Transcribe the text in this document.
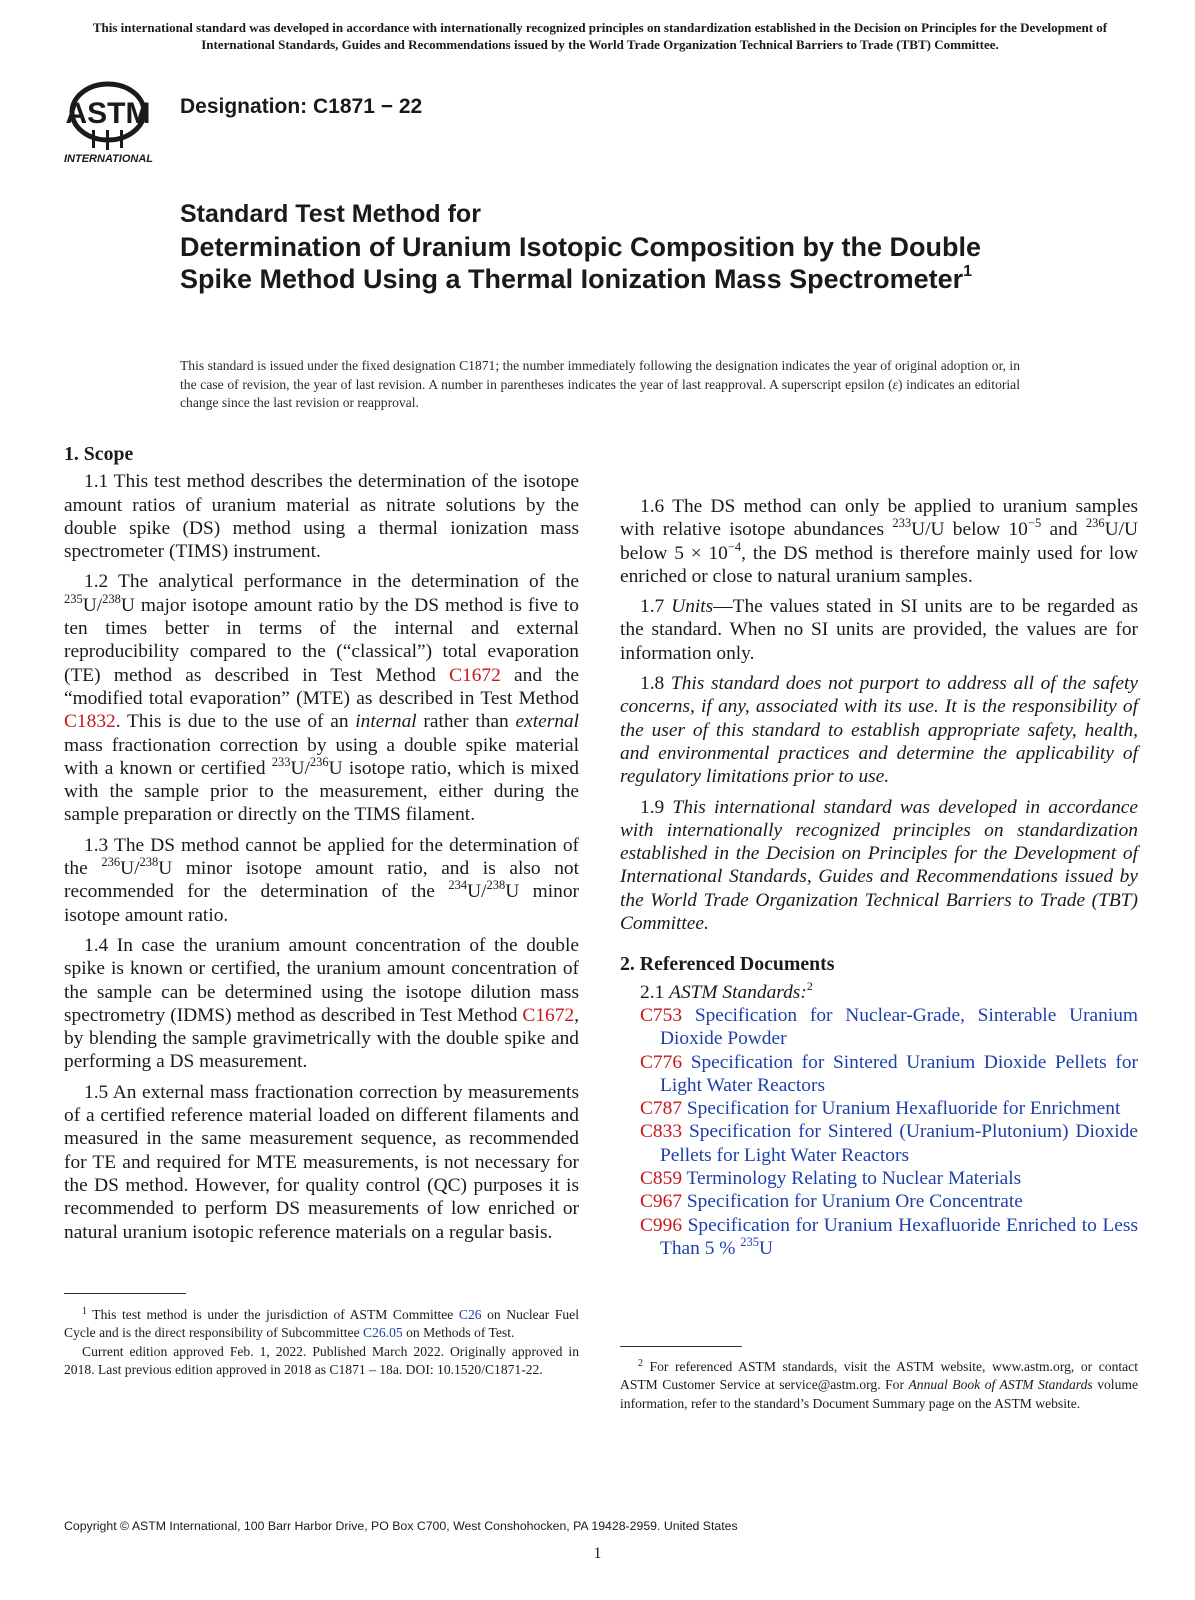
This international standard was developed in accordance with internationally recognized principles on standardization established in the Decision on Principles for the Development of International Standards, Guides and Recommendations issued by the World Trade Organization Technical Barriers to Trade (TBT) Committee.
ASTM
INTERNATIONAL
Designation: C1871 − 22
Standard Test Method for
Determination of Uranium Isotopic Composition by the Double Spike Method Using a Thermal Ionization Mass Spectrometer$^1$
This standard is issued under the fixed designation C1871; the number immediately following the designation indicates the year of original adoption or, in the case of revision, the year of last revision. A number in parentheses indicates the year of last reapproval. A superscript epsilon (ε) indicates an editorial change since the last revision or reapproval.
1. Scope

1.1 This test method describes the determination of the isotope amount ratios of uranium material as nitrate solutions by the double spike (DS) method using a thermal ionization mass spectrometer (TIMS) instrument.

1.2 The analytical performance in the determination of the $^{235}$U/$^{238}$U major isotope amount ratio by the DS method is five to ten times better in terms of the internal and external reproducibility compared to the (“classical”) total evaporation (TE) method as described in Test Method C1672 and the “modified total evaporation” (MTE) as described in Test Method C1832. This is due to the use of an internal rather than external mass fractionation correction by using a double spike material with a known or certified $^{233}$U/$^{236}$U isotope ratio, which is mixed with the sample prior to the measurement, either during the sample preparation or directly on the TIMS filament.

1.3 The DS method cannot be applied for the determination of the $^{236}$U/$^{238}$U minor isotope amount ratio, and is also not recommended for the determination of the $^{234}$U/$^{238}$U minor isotope amount ratio.

1.4 In case the uranium amount concentration of the double spike is known or certified, the uranium amount concentration of the sample can be determined using the isotope dilution mass spectrometry (IDMS) method as described in Test Method C1672, by blending the sample gravimetrically with the double spike and performing a DS measurement.

1.5 An external mass fractionation correction by measurements of a certified reference material loaded on different filaments and measured in the same measurement sequence, as recommended for TE and required for MTE measurements, is not necessary for the DS method. However, for quality control (QC) purposes it is recommended to perform DS measurements of low enriched or natural uranium isotopic reference materials on a regular basis.

1.6 The DS method can only be applied to uranium samples with relative isotope abundances $^{233}$U/U below $10^{-5}$ and $^{236}$U/U below $5 \times 10^{-4}$, the DS method is therefore mainly used for low enriched or close to natural uranium samples.

1.7 Units—The values stated in SI units are to be regarded as the standard. When no SI units are provided, the values are for information only.

1.8 This standard does not purport to address all of the safety concerns, if any, associated with its use. It is the responsibility of the user of this standard to establish appropriate safety, health, and environmental practices and determine the applicability of regulatory limitations prior to use.

1.9 This international standard was developed in accordance with internationally recognized principles on standardization established in the Decision on Principles for the Development of International Standards, Guides and Recommendations issued by the World Trade Organization Technical Barriers to Trade (TBT) Committee.

2. Referenced Documents

2.1 ASTM Standards:$^2$

C753 Specification for Nuclear-Grade, Sinterable Uranium Dioxide Powder
C776 Specification for Sintered Uranium Dioxide Pellets for Light Water Reactors
C787 Specification for Uranium Hexafluoride for Enrichment
C833 Specification for Sintered (Uranium-Plutonium) Dioxide Pellets for Light Water Reactors
C859 Terminology Relating to Nuclear Materials
C967 Specification for Uranium Ore Concentrate
C996 Specification for Uranium Hexafluoride Enriched to Less Than 5 % $^{235}$U

$^1$ This test method is under the jurisdiction of ASTM Committee C26 on Nuclear Fuel Cycle and is the direct responsibility of Subcommittee C26.05 on Methods of Test.

Current edition approved Feb. 1, 2022. Published March 2022. Originally approved in 2018. Last previous edition approved in 2018 as C1871 – 18a. DOI: 10.1520/C1871-22.	$^2$ For referenced ASTM standards, visit the ASTM website, www.astm.org, or contact ASTM Customer Service at service@astm.org. For Annual Book of ASTM Standards volume information, refer to the standard’s Document Summary page on the ASTM website.

Copyright © ASTM International, 100 Barr Harbor Drive, PO Box C700, West Conshohocken, PA 19428-2959. United States
1
